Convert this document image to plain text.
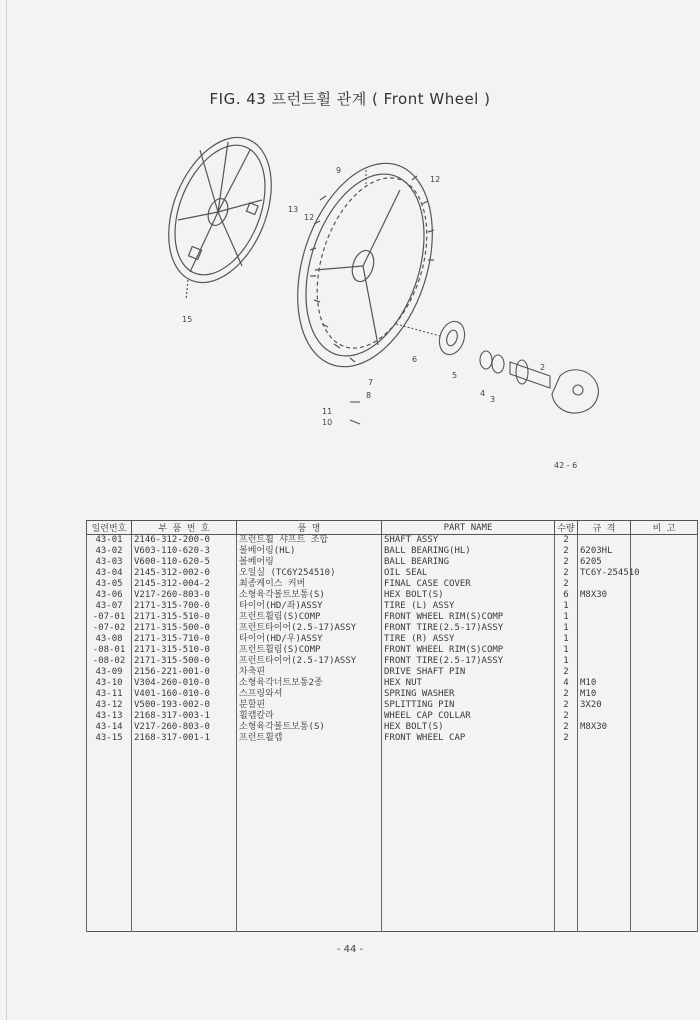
FIG. 43 프런트휠 관계 ( Front Wheel )
9
12
13
12
15
6
5
4
3
2
7
8
11
10
42 - 6
일련번호	부 품 번 호	품 명	PART NAME	수량	규 격	비 고
43-01	2146-312-200-0	프런트휠 샤프트 조합	SHAFT ASSY	2		
43-02	V603-110-620-3	볼베어링(HL)	BALL BEARING(HL)	2	6203HL	
43-03	V600-110-620-5	볼베어링	BALL BEARING	2	6205	
43-04	2145-312-002-0	오일실 (TC6Y254510)	OIL SEAL	2	TC6Y-254510	
43-05	2145-312-004-2	최종케이스 커버	FINAL CASE COVER	2		
43-06	V217-260-803-0	소형육각볼트보통(S)	HEX BOLT(S)	6	M8X30	
43-07	2171-315-700-0	타이어(HD/좌)ASSY	TIRE (L) ASSY	1		
-07-01	2171-315-510-0	프런트휠림(S)COMP	FRONT WHEEL RIM(S)COMP	1		
-07-02	2171-315-500-0	프런트타이어(2.5-17)ASSY	FRONT TIRE(2.5-17)ASSY	1		
43-08	2171-315-710-0	타이어(HD/우)ASSY	TIRE (R) ASSY	1		
-08-01	2171-315-510-0	프런트휠림(S)COMP	FRONT WHEEL RIM(S)COMP	1		
-08-02	2171-315-500-0	프런트타이어(2.5-17)ASSY	FRONT TIRE(2.5-17)ASSY	1		
43-09	2156-221-001-0	차축핀	DRIVE SHAFT PIN	2		
43-10	V304-260-010-0	소형육각너트보통2종	HEX NUT	4	M10	
43-11	V401-160-010-0	스프링와셔	SPRING WASHER	2	M10	
43-12	V500-193-002-0	분할핀	SPLITTING PIN	2	3X20	
43-13	2168-317-003-1	휠캡칼라	WHEEL CAP COLLAR	2		
43-14	V217-260-803-0	소형육각볼트보통(S)	HEX BOLT(S)	2	M8X30	
43-15	2168-317-001-1	프런트휠캡	FRONT WHEEL CAP	2		

- 44 -
